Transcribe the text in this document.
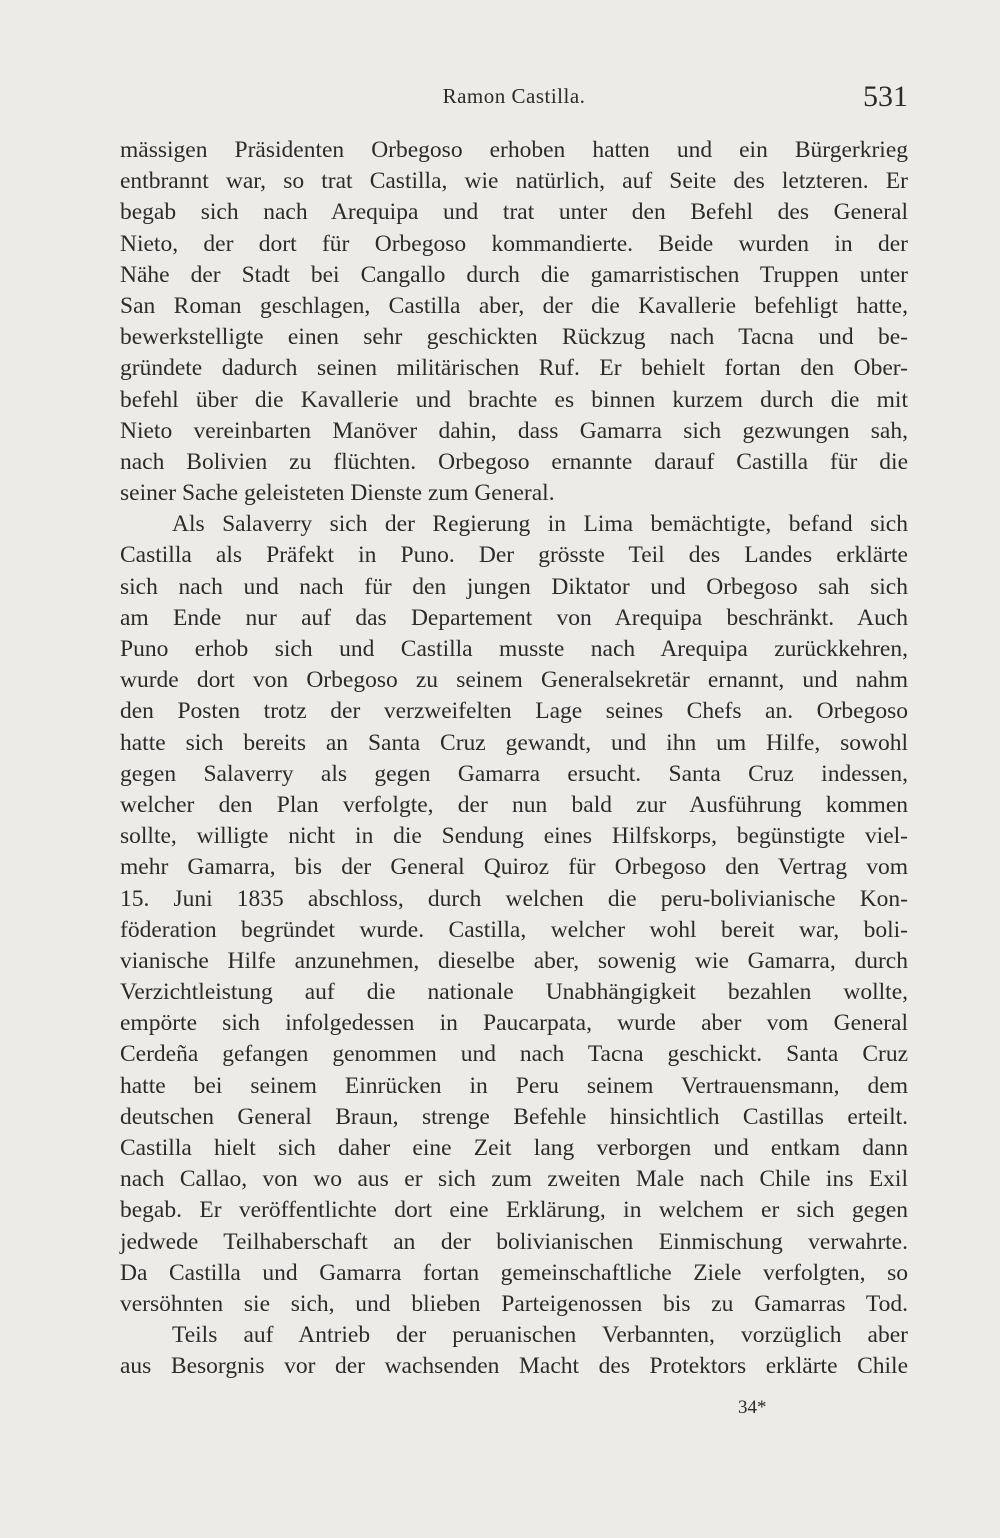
Ramon Castilla.	531
mässigen Präsidenten Orbegoso erhoben hatten und ein Bürgerkrieg
entbrannt war, so trat Castilla, wie natürlich, auf Seite des letzteren. Er
begab sich nach Arequipa und trat unter den Befehl des General
Nieto, der dort für Orbegoso kommandierte. Beide wurden in der
Nähe der Stadt bei Cangallo durch die gamarristischen Truppen unter
San Roman geschlagen, Castilla aber, der die Kavallerie befehligt hatte,
bewerkstelligte einen sehr geschickten Rückzug nach Tacna und be-
gründete dadurch seinen militärischen Ruf. Er behielt fortan den Ober-
befehl über die Kavallerie und brachte es binnen kurzem durch die mit
Nieto vereinbarten Manöver dahin, dass Gamarra sich gezwungen sah,
nach Bolivien zu flüchten. Orbegoso ernannte darauf Castilla für die
seiner Sache geleisteten Dienste zum General.
Als Salaverry sich der Regierung in Lima bemächtigte, befand sich
Castilla als Präfekt in Puno. Der grösste Teil des Landes erklärte
sich nach und nach für den jungen Diktator und Orbegoso sah sich
am Ende nur auf das Departement von Arequipa beschränkt. Auch
Puno erhob sich und Castilla musste nach Arequipa zurückkehren,
wurde dort von Orbegoso zu seinem Generalsekretär ernannt, und nahm
den Posten trotz der verzweifelten Lage seines Chefs an. Orbegoso
hatte sich bereits an Santa Cruz gewandt, und ihn um Hilfe, sowohl
gegen Salaverry als gegen Gamarra ersucht. Santa Cruz indessen,
welcher den Plan verfolgte, der nun bald zur Ausführung kommen
sollte, willigte nicht in die Sendung eines Hilfskorps, begünstigte viel-
mehr Gamarra, bis der General Quiroz für Orbegoso den Vertrag vom
15. Juni 1835 abschloss, durch welchen die peru-bolivianische Kon-
föderation begründet wurde. Castilla, welcher wohl bereit war, boli-
vianische Hilfe anzunehmen, dieselbe aber, sowenig wie Gamarra, durch
Verzichtleistung auf die nationale Unabhängigkeit bezahlen wollte,
empörte sich infolgedessen in Paucarpata, wurde aber vom General
Cerdeña gefangen genommen und nach Tacna geschickt. Santa Cruz
hatte bei seinem Einrücken in Peru seinem Vertrauensmann, dem
deutschen General Braun, strenge Befehle hinsichtlich Castillas erteilt.
Castilla hielt sich daher eine Zeit lang verborgen und entkam dann
nach Callao, von wo aus er sich zum zweiten Male nach Chile ins Exil
begab. Er veröffentlichte dort eine Erklärung, in welchem er sich gegen
jedwede Teilhaberschaft an der bolivianischen Einmischung verwahrte.
Da Castilla und Gamarra fortan gemeinschaftliche Ziele verfolgten, so
versöhnten sie sich, und blieben Parteigenossen bis zu Gamarras Tod.
Teils auf Antrieb der peruanischen Verbannten, vorzüglich aber
aus Besorgnis vor der wachsenden Macht des Protektors erklärte Chile
34*
